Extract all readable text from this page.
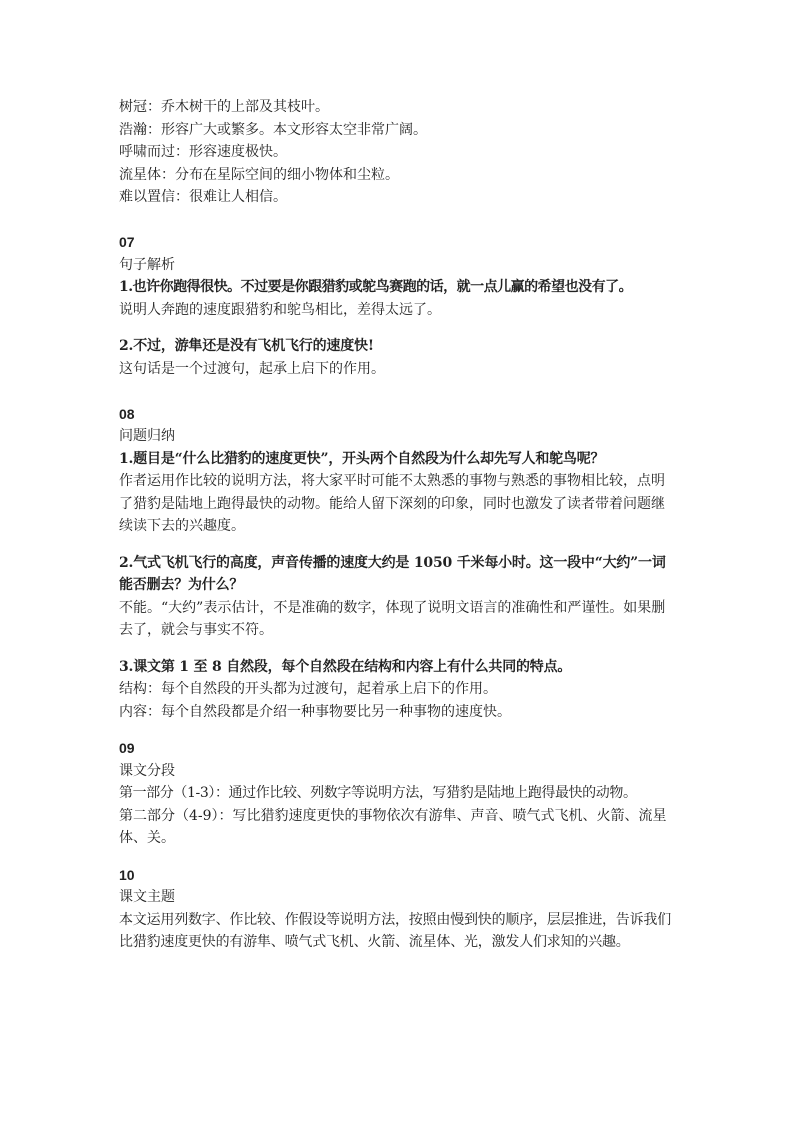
树冠：乔木树干的上部及其枝叶。

浩瀚：形容广大或繁多。本文形容太空非常广阔。

呼啸而过：形容速度极快。

流星体：分布在星际空间的细小物体和尘粒。

难以置信：很难让人相信。

07

句子解析

1.也许你跑得很快。不过要是你跟猎豹或鸵鸟赛跑的话，就一点儿赢的希望也没有了。

说明人奔跑的速度跟猎豹和鸵鸟相比，差得太远了。

2.不过，游隼还是没有飞机飞行的速度快!

这句话是一个过渡句，起承上启下的作用。

08

问题归纳

1.题目是“什么比猎豹的速度更快”，开头两个自然段为什么却先写人和鸵鸟呢？

作者运用作比较的说明方法，将大家平时可能不太熟悉的事物与熟悉的事物相比较，点明了猎豹是陆地上跑得最快的动物。能给人留下深刻的印象，同时也激发了读者带着问题继续读下去的兴趣度。

2.气式飞机飞行的高度，声音传播的速度大约是 1050 千米每小时。这一段中“大约”一词能否删去？为什么？

不能。“大约”表示估计，不是准确的数字，体现了说明文语言的准确性和严谨性。如果删去了，就会与事实不符。

3.课文第 1 至 8 自然段，每个自然段在结构和内容上有什么共同的特点。

结构：每个自然段的开头都为过渡句，起着承上启下的作用。

内容：每个自然段都是介绍一种事物要比另一种事物的速度快。

09

课文分段

第一部分（1-3）：通过作比较、列数字等说明方法，写猎豹是陆地上跑得最快的动物。

第二部分（4-9）：写比猎豹速度更快的事物依次有游隼、声音、喷气式飞机、火箭、流星体、关。

10

课文主题

本文运用列数字、作比较、作假设等说明方法，按照由慢到快的顺序，层层推进，告诉我们比猎豹速度更快的有游隼、喷气式飞机、火箭、流星体、光，激发人们求知的兴趣。
